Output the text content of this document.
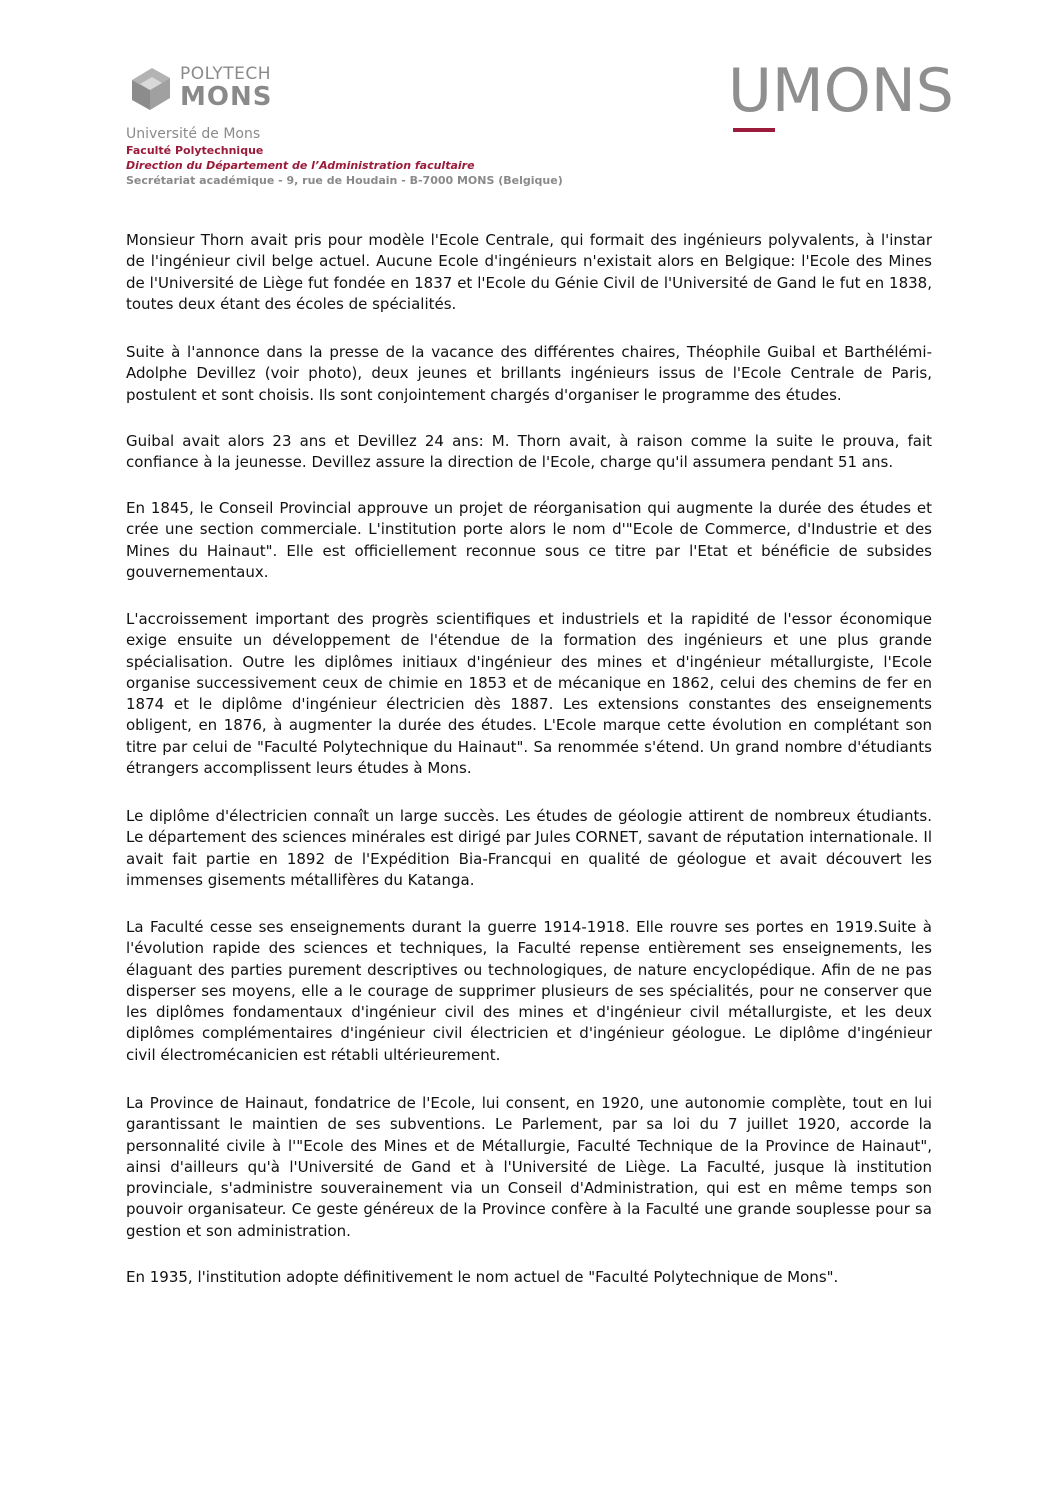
POLYTECH
MONS	UMONS
Université de Mons
Faculté Polytechnique
Direction du Département de l’Administration facultaire
Secrétariat académique - 9, rue de Houdain - B-7000 MONS (Belgique)

Monsieur Thorn avait pris pour modèle l'Ecole Centrale, qui formait des ingénieurs polyvalents, à l'instar de l'ingénieur civil belge actuel. Aucune Ecole d'ingénieurs n'existait alors en Belgique: l'Ecole des Mines de l'Université de Liège fut fondée en 1837 et l'Ecole du Génie Civil de l'Université de Gand le fut en 1838, toutes deux étant des écoles de spécialités.

Suite à l'annonce dans la presse de la vacance des différentes chaires, Théophile Guibal et Barthélémi-Adolphe Devillez (voir photo), deux jeunes et brillants ingénieurs issus de l'Ecole Centrale de Paris, postulent et sont choisis. Ils sont conjointement chargés d'organiser le programme des études.

Guibal avait alors 23 ans et Devillez 24 ans: M. Thorn avait, à raison comme la suite le prouva, fait confiance à la jeunesse. Devillez assure la direction de l'Ecole, charge qu'il assumera pendant 51 ans.

En 1845, le Conseil Provincial approuve un projet de réorganisation qui augmente la durée des études et crée une section commerciale. L'institution porte alors le nom d'"Ecole de Commerce, d'Industrie et des Mines du Hainaut". Elle est officiellement reconnue sous ce titre par l'Etat et bénéficie de subsides gouvernementaux.

L'accroissement important des progrès scientifiques et industriels et la rapidité de l'essor économique exige ensuite un développement de l'étendue de la formation des ingénieurs et une plus grande spécialisation. Outre les diplômes initiaux d'ingénieur des mines et d'ingénieur métallurgiste, l'Ecole organise successivement ceux de chimie en 1853 et de mécanique en 1862, celui des chemins de fer en 1874 et le diplôme d'ingénieur électricien dès 1887. Les extensions constantes des enseignements obligent, en 1876, à augmenter la durée des études. L'Ecole marque cette évolution en complétant son titre par celui de "Faculté Polytechnique du Hainaut". Sa renommée s'étend. Un grand nombre d'étudiants étrangers accomplissent leurs études à Mons.

Le diplôme d'électricien connaît un large succès. Les études de géologie attirent de nombreux étudiants. Le département des sciences minérales est dirigé par Jules CORNET, savant de réputation internationale. Il avait fait partie en 1892 de l'Expédition Bia-Francqui en qualité de géologue et avait découvert les immenses gisements métallifères du Katanga.

La Faculté cesse ses enseignements durant la guerre 1914-1918. Elle rouvre ses portes en 1919.Suite à l'évolution rapide des sciences et techniques, la Faculté repense entièrement ses enseignements, les élaguant des parties purement descriptives ou technologiques, de nature encyclopédique. Afin de ne pas disperser ses moyens, elle a le courage de supprimer plusieurs de ses spécialités, pour ne conserver que les diplômes fondamentaux d'ingénieur civil des mines et d'ingénieur civil métallurgiste, et les deux diplômes complémentaires d'ingénieur civil électricien et d'ingénieur géologue. Le diplôme d'ingénieur civil électromécanicien est rétabli ultérieurement.

La Province de Hainaut, fondatrice de l'Ecole, lui consent, en 1920, une autonomie complète, tout en lui garantissant le maintien de ses subventions. Le Parlement, par sa loi du 7 juillet 1920, accorde la personnalité civile à l'"Ecole des Mines et de Métallurgie, Faculté Technique de la Province de Hainaut", ainsi d'ailleurs qu'à l'Université de Gand et à l'Université de Liège. La Faculté, jusque là institution provinciale, s'administre souverainement via un Conseil d'Administration, qui est en même temps son pouvoir organisateur. Ce geste généreux de la Province confère à la Faculté une grande souplesse pour sa gestion et son administration.

En 1935, l'institution adopte définitivement le nom actuel de "Faculté Polytechnique de Mons".
